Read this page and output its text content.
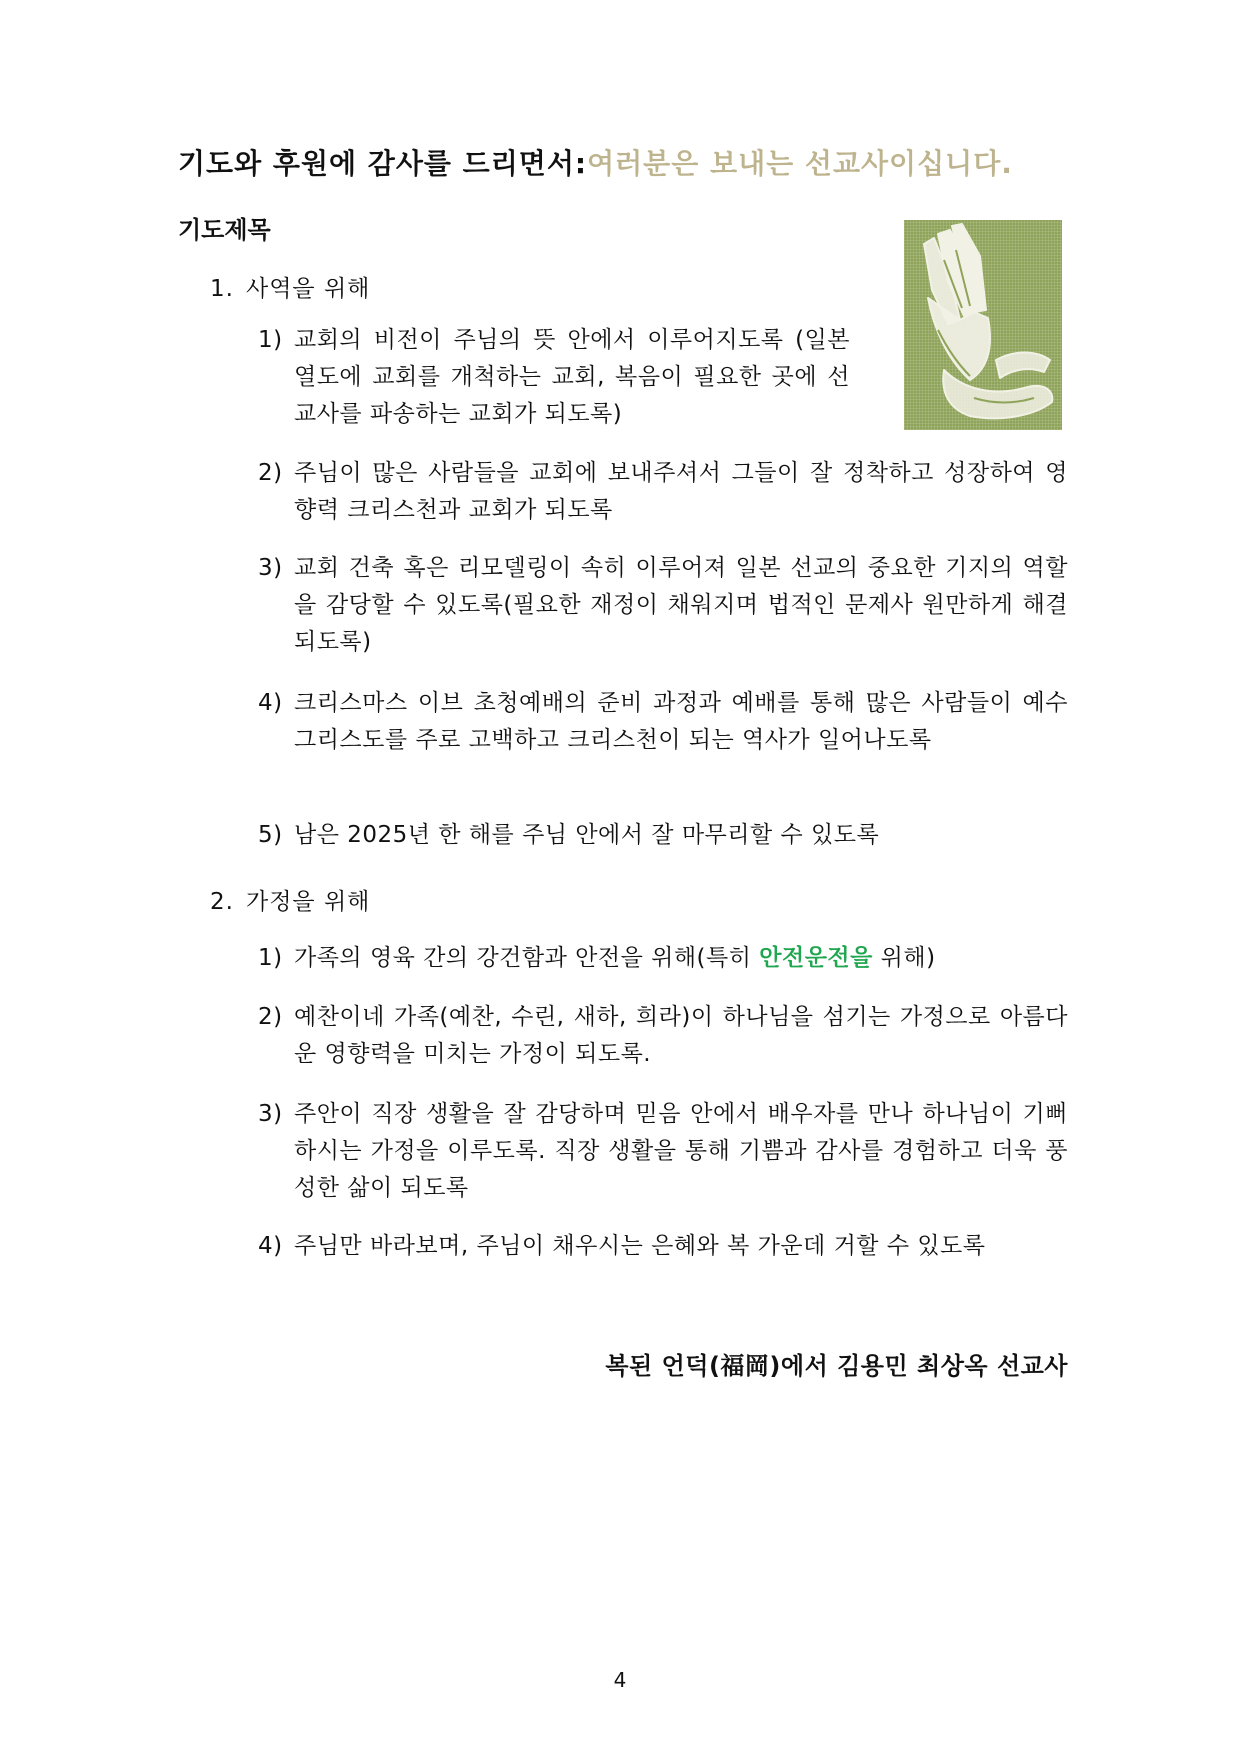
기도와 후원에 감사를 드리면서:여러분은 보내는 선교사이십니다.
기도제목
1. 사역을 위해
1) 교회의 비전이 주님의 뜻 안에서 이루어지도록 (일본 열도에 교회를 개척하는 교회, 복음이 필요한 곳에 선교사를 파송하는 교회가 되도록)
2) 주님이 많은 사람들을 교회에 보내주셔서 그들이 잘 정착하고 성장하여 영향력 크리스천과 교회가 되도록
3) 교회 건축 혹은 리모델링이 속히 이루어져 일본 선교의 중요한 기지의 역할을 감당할 수 있도록(필요한 재정이 채워지며 법적인 문제사 원만하게 해결되도록)
4) 크리스마스 이브 초청예배의 준비 과정과 예배를 통해 많은 사람들이 예수 그리스도를 주로 고백하고 크리스천이 되는 역사가 일어나도록
5) 남은 2025년 한 해를 주님 안에서 잘 마무리할 수 있도록
2. 가정을 위해
1) 가족의 영육 간의 강건함과 안전을 위해(특히 안전운전을 위해)
2) 예찬이네 가족(예찬, 수린, 새하, 희라)이 하나님을 섬기는 가정으로 아름다운 영향력을 미치는 가정이 되도록.
3) 주안이 직장 생활을 잘 감당하며 믿음 안에서 배우자를 만나 하나님이 기뻐하시는 가정을 이루도록. 직장 생활을 통해 기쁨과 감사를 경험하고 더욱 풍성한 삶이 되도록
4) 주님만 바라보며, 주님이 채우시는 은혜와 복 가운데 거할 수 있도록
복된 언덕(福岡)에서 김용민 최상옥 선교사
4
